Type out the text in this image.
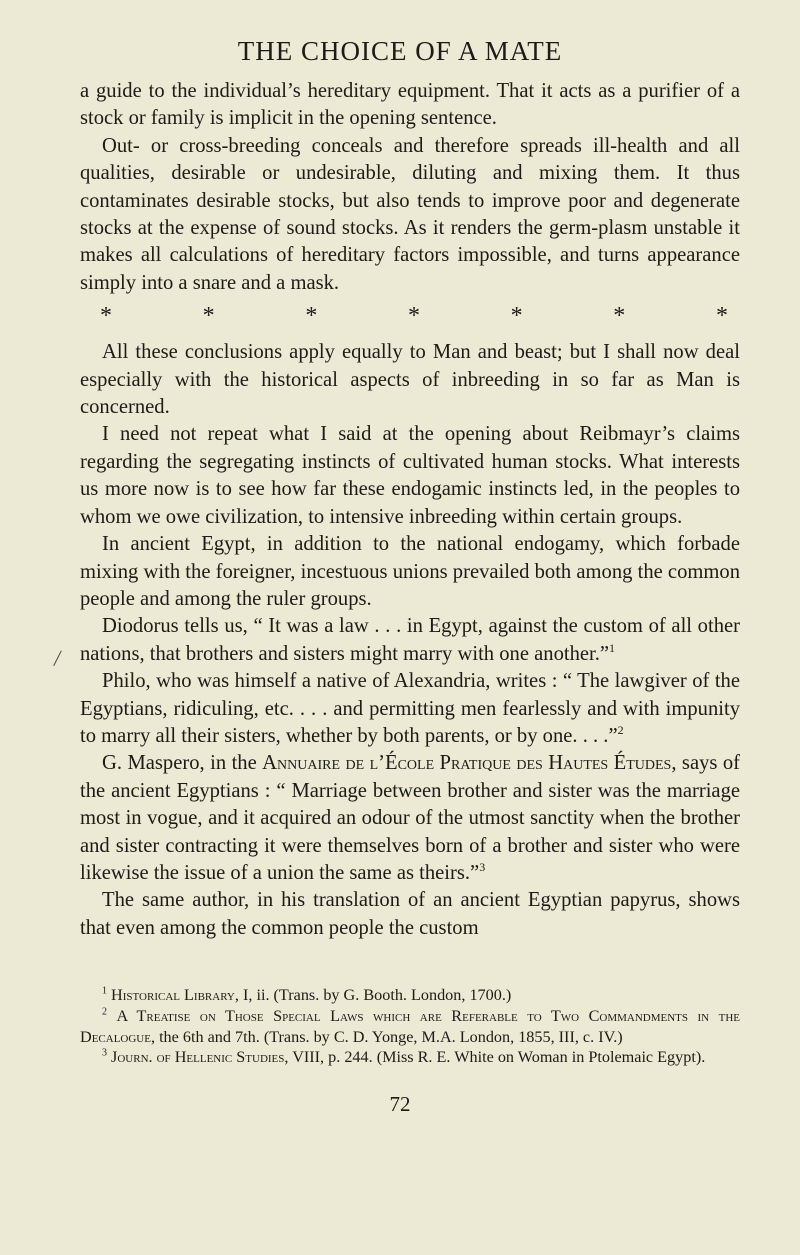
THE CHOICE OF A MATE

a guide to the individual’s hereditary equipment. That it acts as a purifier of a stock or family is implicit in the opening sentence.

Out- or cross-breeding conceals and therefore spreads ill-health and all qualities, desirable or undesirable, diluting and mixing them. It thus contaminates desirable stocks, but also tends to improve poor and degenerate stocks at the expense of sound stocks. As it renders the germ-plasm unstable it makes all calculations of hereditary factors impossible, and turns appearance simply into a snare and a mask.

*	*	*	*	*	*	*

All these conclusions apply equally to Man and beast; but I shall now deal especially with the historical aspects of inbreeding in so far as Man is concerned.

I need not repeat what I said at the opening about Reibmayr’s claims regarding the segregating instincts of cultivated human stocks. What interests us more now is to see how far these endogamic instincts led, in the peoples to whom we owe civilization, to intensive inbreeding within certain groups.

In ancient Egypt, in addition to the national endogamy, which forbade mixing with the foreigner, incestuous unions prevailed both among the common people and among the ruler groups.

Diodorus tells us, “ It was a law . . . in Egypt, against the custom of all other nations, that brothers and sisters might marry with one another.”$^1$

Philo, who was himself a native of Alexandria, writes : “ The lawgiver of the Egyptians, ridiculing, etc. . . . and permitting men fearlessly and with impunity to marry all their sisters, whether by both parents, or by one. . . .”$^2$

G. Maspero, in the Annuaire de l’École Pratique des Hautes Études, says of the ancient Egyptians : “ Marriage between brother and sister was the marriage most in vogue, and it acquired an odour of the utmost sanctity when the brother and sister contracting it were themselves born of a brother and sister who were likewise the issue of a union the same as theirs.”$^3$

The same author, in his translation of an ancient Egyptian papyrus, shows that even among the common people the custom

/

$^1$ Historical Library, I, ii. (Trans. by G. Booth. London, 1700.)

$^2$ A Treatise on Those Special Laws which are Referable to Two Commandments in the Decalogue, the 6th and 7th. (Trans. by C. D. Yonge, M.A. London, 1855, III, c. IV.)

$^3$ Journ. of Hellenic Studies, VIII, p. 244. (Miss R. E. White on Woman in Ptolemaic Egypt).

72
